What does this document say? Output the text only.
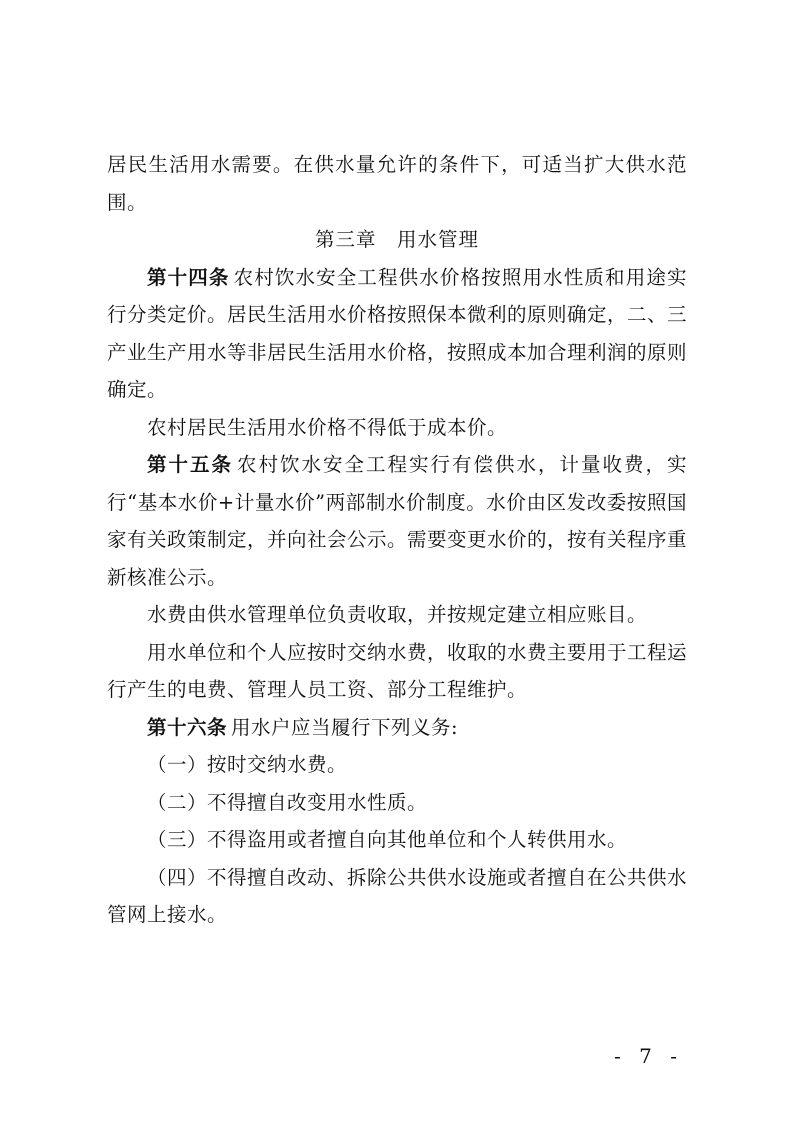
居民生活用水需要。在供水量允许的条件下，可适当扩大供水范围。

第三章　用水管理

第十四条 农村饮水安全工程供水价格按照用水性质和用途实行分类定价。居民生活用水价格按照保本微利的原则确定，二、三产业生产用水等非居民生活用水价格，按照成本加合理利润的原则确定。

农村居民生活用水价格不得低于成本价。

第十五条 农村饮水安全工程实行有偿供水，计量收费，实行“基本水价+计量水价”两部制水价制度。水价由区发改委按照国家有关政策制定，并向社会公示。需要变更水价的，按有关程序重新核准公示。

水费由供水管理单位负责收取，并按规定建立相应账目。

用水单位和个人应按时交纳水费，收取的水费主要用于工程运行产生的电费、管理人员工资、部分工程维护。

第十六条 用水户应当履行下列义务:

（一）按时交纳水费。

（二）不得擅自改变用水性质。

（三）不得盗用或者擅自向其他单位和个人转供用水。

（四）不得擅自改动、拆除公共供水设施或者擅自在公共供水管网上接水。

- 7 -
